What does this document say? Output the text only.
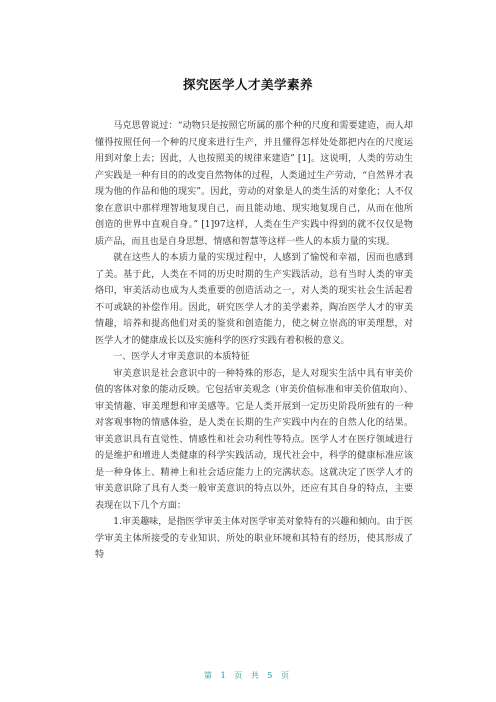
探究医学人才美学素养

马克思曾说过：“动物只是按照它所属的那个种的尺度和需要建造，而人却懂得按照任何一个种的尺度来进行生产，并且懂得怎样处处都把内在的尺度运用到对象上去；因此，人也按照美的规律来建造” [1]。这说明，人类的劳动生产实践是一种有目的的改变自然物体的过程，人类通过生产劳动，“自然界才表现为他的作品和他的现实”。因此，劳动的对象是人的类生活的对象化；人不仅象在意识中那样理智地复现自己，而且能动地、现实地复现自己，从而在他所创造的世界中直观自身。” [1]97这样，人类在生产实践中得到的就不仅仅是物质产品，而且也是自身思想、情感和智慧等这样一些人的本质力量的实现。

就在这些人的本质力量的实现过程中，人感到了愉悦和幸福，因而也感到了美。基于此，人类在不同的历史时期的生产实践活动，总有当时人类的审美烙印，审美活动也成为人类重要的创造活动之一，对人类的现实社会生活起着不可或缺的补偿作用。因此，研究医学人才的美学素养，陶冶医学人才的审美情趣，培养和提高他们对美的鉴赏和创造能力，使之树立崇高的审美理想，对医学人才的健康成长以及实施科学的医疗实践有着积极的意义。

一、医学人才审美意识的本质特征

审美意识是社会意识中的一种特殊的形态，是人对现实生活中具有审美价值的客体对象的能动反映。它包括审美观念（审美价值标准和审美价值取向）、审美情趣、审美理想和审美感等。它是人类开展到一定历史阶段所独有的一种对客观事物的情感体验，是人类在长期的生产实践中内在的自然人化的结果。审美意识具有直觉性、情感性和社会功利性等特点。医学人才在医疗领域进行的是维护和增进人类健康的科学实践活动，现代社会中，科学的健康标准应该是一种身体上、精神上和社会适应能力上的完满状态。这就决定了医学人才的审美意识除了具有人类一般审美意识的特点以外，还应有其自身的特点，主要表现在以下几个方面：

1.审美趣味，是指医学审美主体对医学审美对象特有的兴趣和倾向。由于医学审美主体所接受的专业知识、所处的职业环境和其特有的经历，使其形成了特

第 1 页 共 5 页
